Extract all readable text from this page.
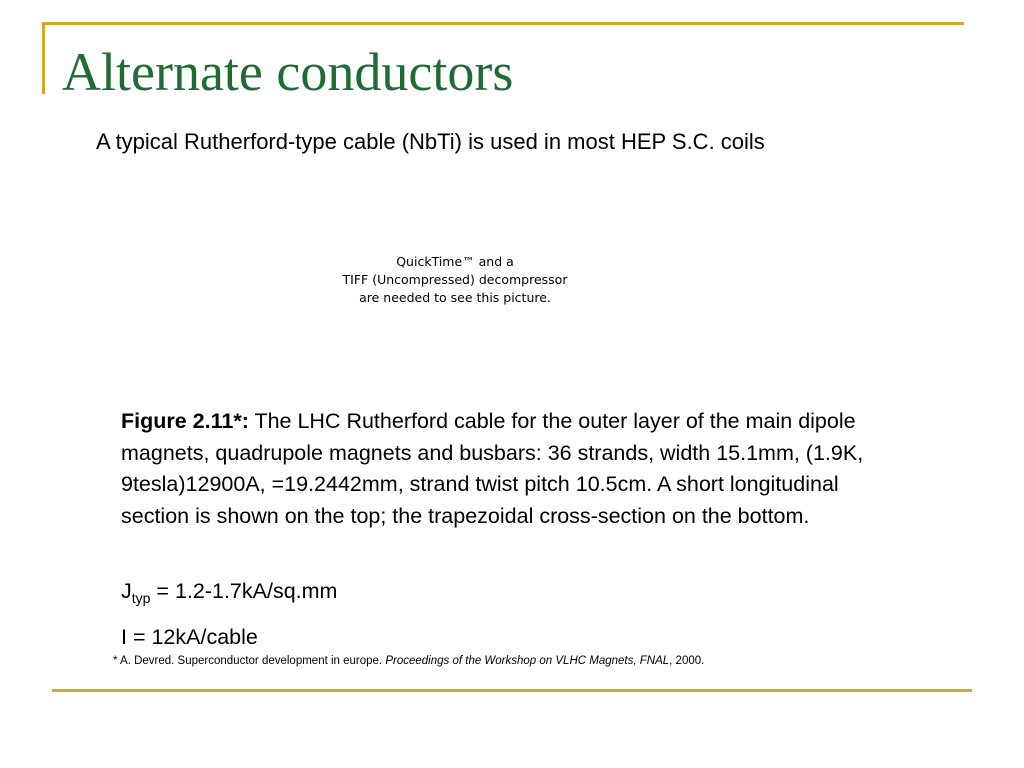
Alternate conductors
A typical Rutherford-type cable (NbTi) is used in most HEP S.C. coils
QuickTime™ and a
TIFF (Uncompressed) decompressor
are needed to see this picture.
Figure 2.11*: The LHC Rutherford cable for the outer layer of the main dipole magnets, quadrupole magnets and busbars: 36 strands, width 15.1mm, (1.9K, 9tesla)12900A, =19.2442mm, strand twist pitch 10.5cm. A short longitudinal section is shown on the top; the trapezoidal cross-section on the bottom.
$J_{typ} = 1.2-1.7kA/sq.mm$
I = 12kA/cable
* A. Devred. Superconductor development in europe. Proceedings of the Workshop on VLHC Magnets, FNAL, 2000.
